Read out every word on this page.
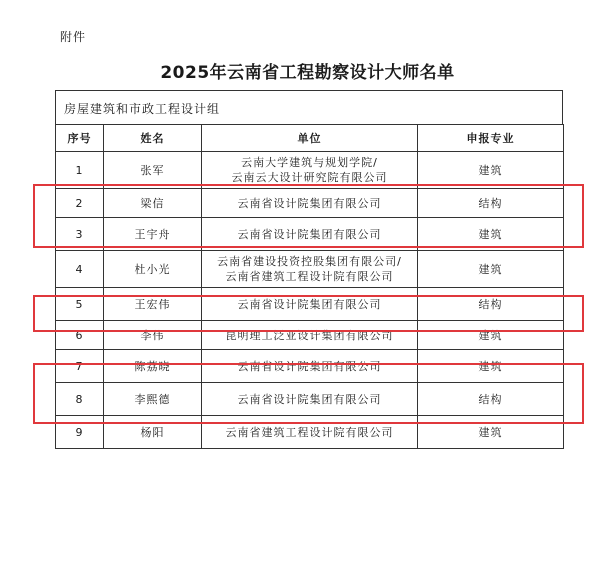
附件
2025年云南省工程勘察设计大师名单
房屋建筑和市政工程设计组
序号	姓名	单位	申报专业
1	张军	云南大学建筑与规划学院/
云南云大设计研究院有限公司	建筑
2	梁信	云南省设计院集团有限公司	结构
3	王宇舟	云南省设计院集团有限公司	建筑
4	杜小光	云南省建设投资控股集团有限公司/
云南省建筑工程设计院有限公司	建筑
5	王宏伟	云南省设计院集团有限公司	结构
6	李伟	昆明理工泛亚设计集团有限公司	建筑
7	陈荔晓	云南省设计院集团有限公司	建筑
8	李熙德	云南省设计院集团有限公司	结构
9	杨阳	云南省建筑工程设计院有限公司	建筑
